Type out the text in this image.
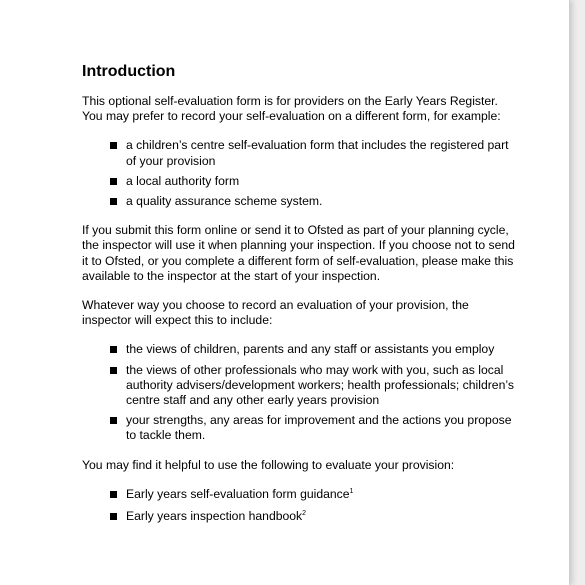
Introduction

This optional self-evaluation form is for providers on the Early Years Register. You may prefer to record your self-evaluation on a different form, for example:

a children’s centre self-evaluation form that includes the registered part of your provision
a local authority form
a quality assurance scheme system.

If you submit this form online or send it to Ofsted as part of your planning cycle, the inspector will use it when planning your inspection. If you choose not to send it to Ofsted, or you complete a different form of self-evaluation, please make this available to the inspector at the start of your inspection.

Whatever way you choose to record an evaluation of your provision, the inspector will expect this to include:

the views of children, parents and any staff or assistants you employ
the views of other professionals who may work with you, such as local authority advisers/development workers; health professionals; children’s centre staff and any other early years provision
your strengths, any areas for improvement and the actions you propose to tackle them.

You may find it helpful to use the following to evaluate your provision:

Early years self-evaluation form guidance$^1$
Early years inspection handbook$^2$
